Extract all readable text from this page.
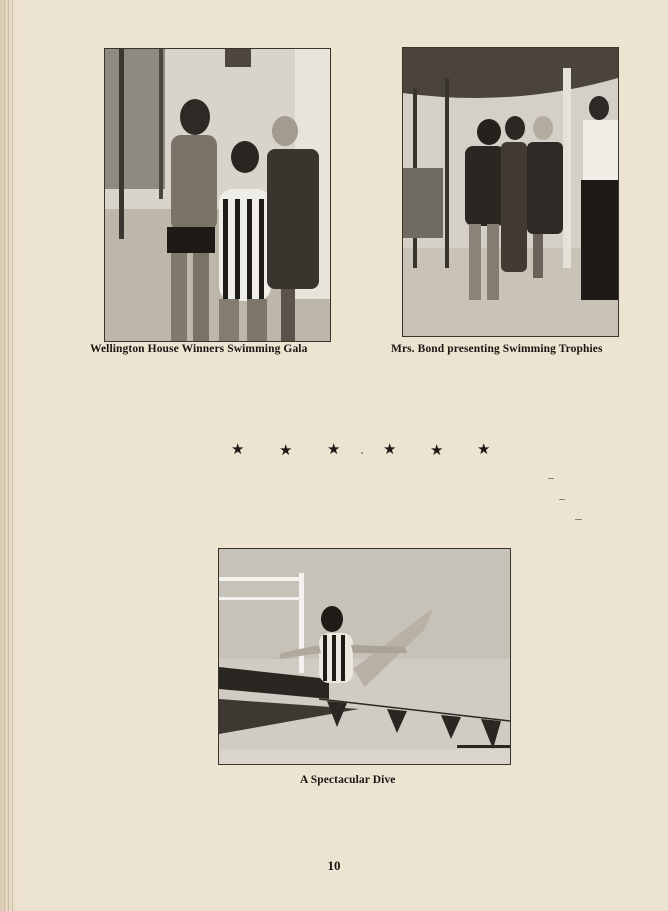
Wellington House Winners Swimming Gala	Mrs. Bond presenting Swimming Trophies
★ ★ ★	★ ★ ★
A Spectacular Dive
10
